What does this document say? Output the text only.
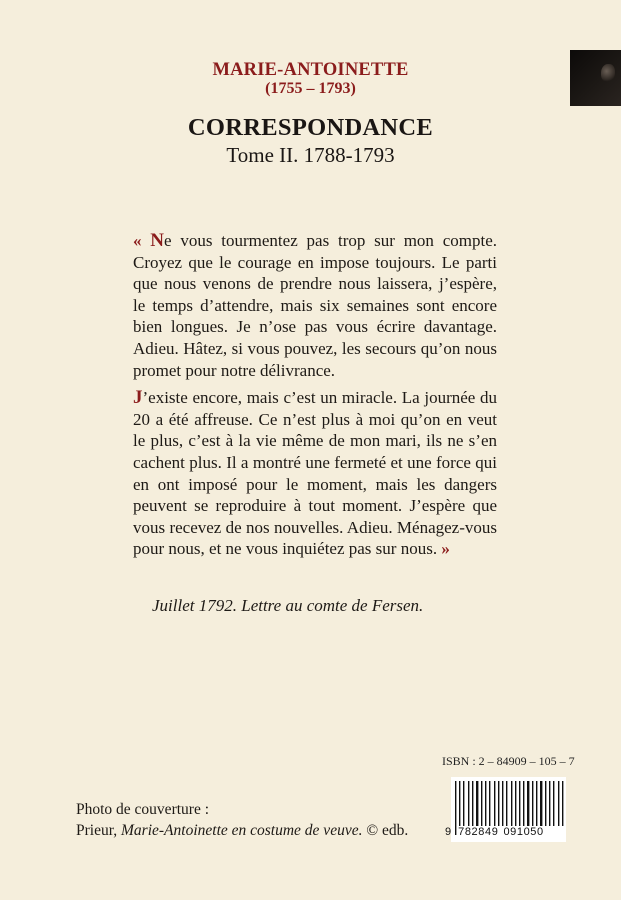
MARIE-ANTOINETTE
(1755 – 1793)
CORRESPONDANCE
Tome II. 1788-1793

« Ne vous tourmentez pas trop sur mon compte. Croyez que le courage en impose toujours. Le parti que nous venons de prendre nous laissera, j’espère, le temps d’attendre, mais six semaines sont encore bien longues. Je n’ose pas vous écrire davantage. Adieu. Hâtez, si vous pouvez, les secours qu’on nous promet pour notre délivrance.

J’existe encore, mais c’est un miracle. La journée du 20 a été affreuse. Ce n’est plus à moi qu’on en veut le plus, c’est à la vie même de mon mari, ils ne s’en cachent plus. Il a montré une fermeté et une force qui en ont imposé pour le moment, mais les dangers peuvent se reproduire à tout moment. J’espère que vous recevez de nos nouvelles. Adieu. Ménagez-vous pour nous, et ne vous inquiétez pas sur nous. »

Juillet 1792. Lettre au comte de Fersen.
ISBN : 2 – 84909 – 105 – 7
9 782849 091050
Photo de couverture :
Prieur, Marie-Antoinette en costume de veuve. © edb.
